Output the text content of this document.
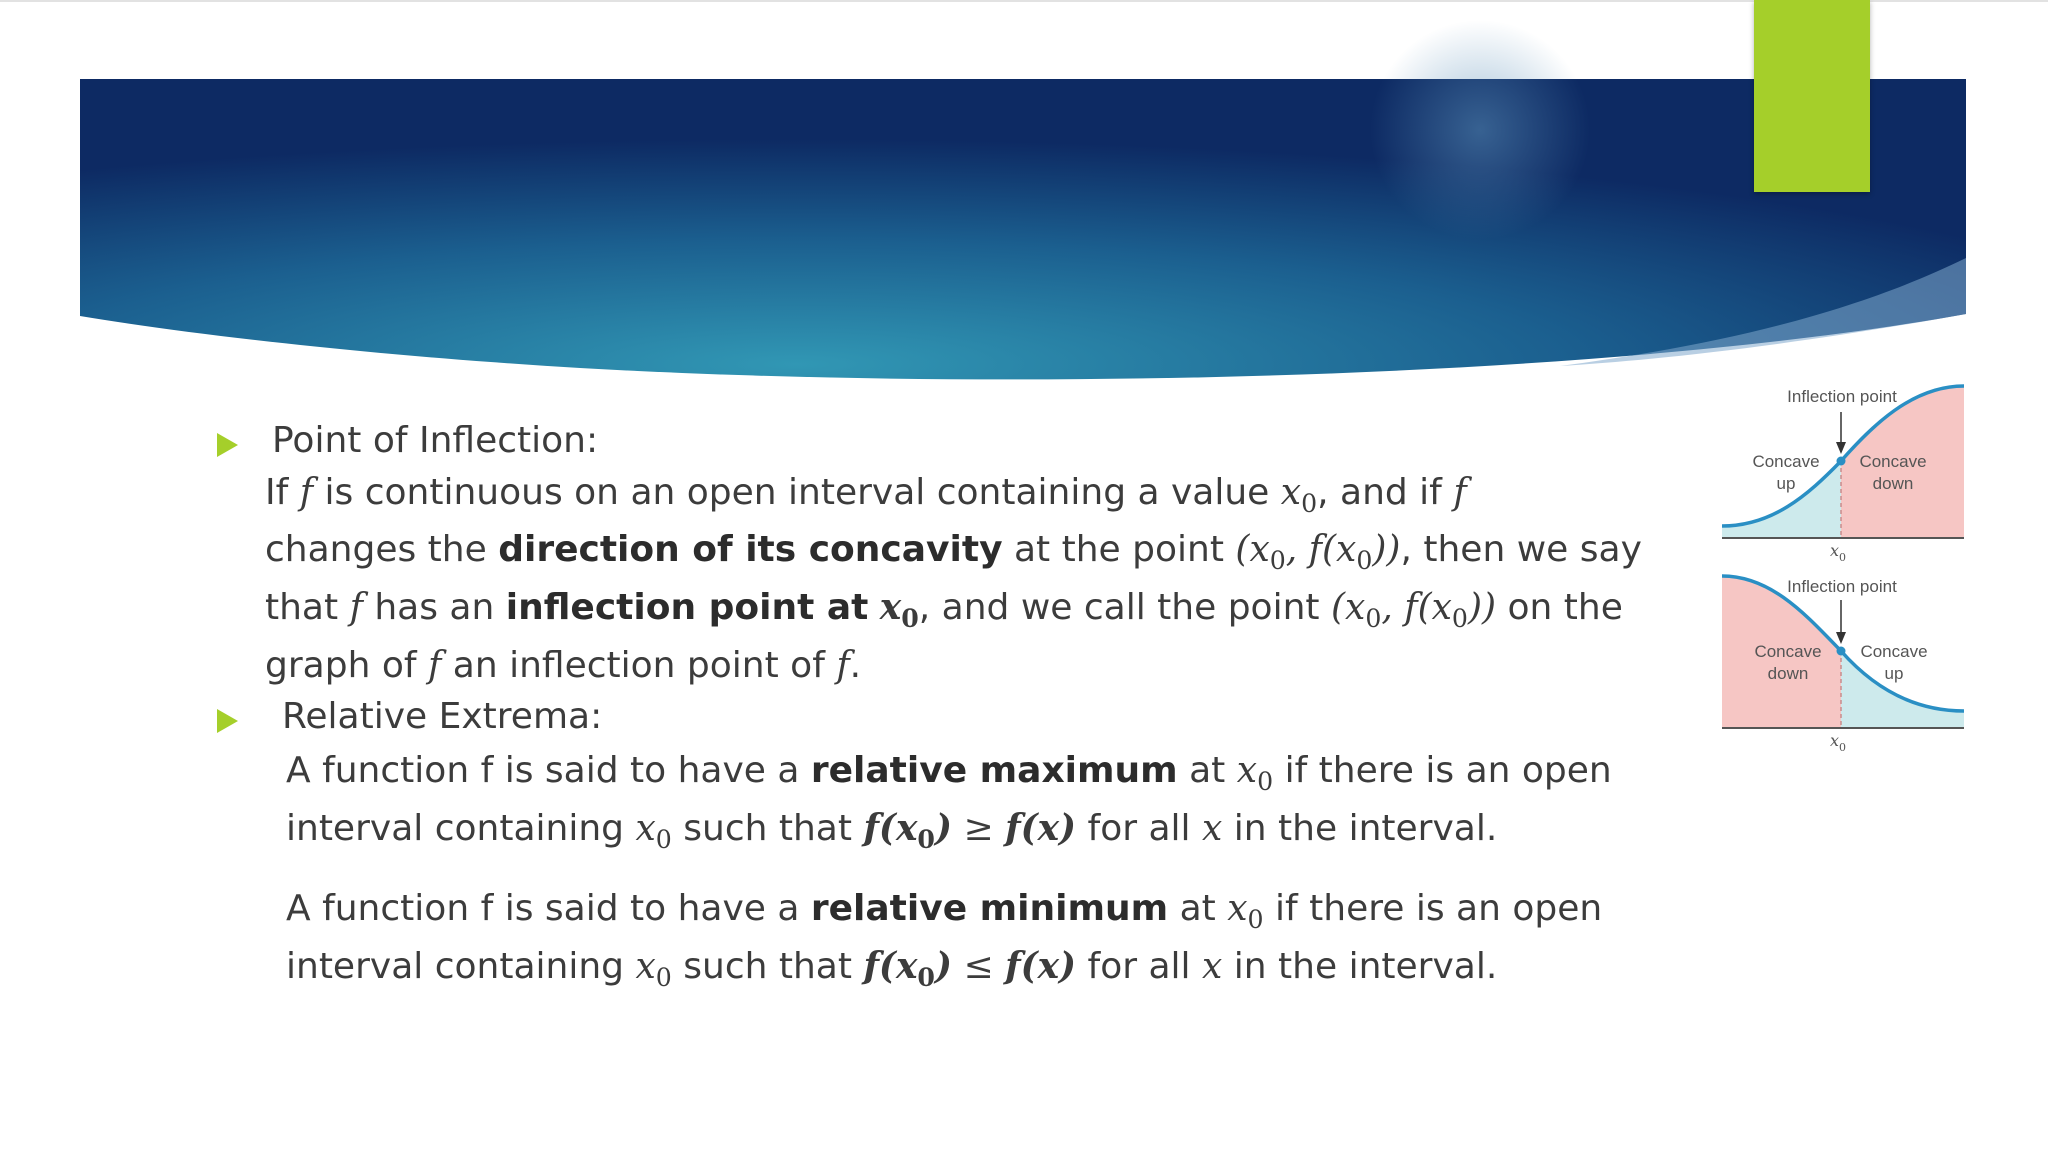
Point of Inflection:

If f is continuous on an open interval containing a value $x_0$, and if f
changes the direction of its concavity at the point ($x_0$, $f(x_0)$), then we say
that f has an inflection point at $x_0$, and we call the point ($x_0$, $f(x_0)$) on the
graph of f an inflection point of f.

Relative Extrema:

A function f is said to have a relative maximum at $x_0$ if there is an open
interval containing $x_0$ such that $f(x_0) \ge f(x)$ for all x in the interval.

A function f is said to have a relative minimum at $x_0$ if there is an open
interval containing $x_0$ such that $f(x_0) \le f(x)$ for all x in the interval.

Inflection point
Concave
up
Concave
down
$x_0$
Inflection point
Concave
down
Concave
up
$x_0$
